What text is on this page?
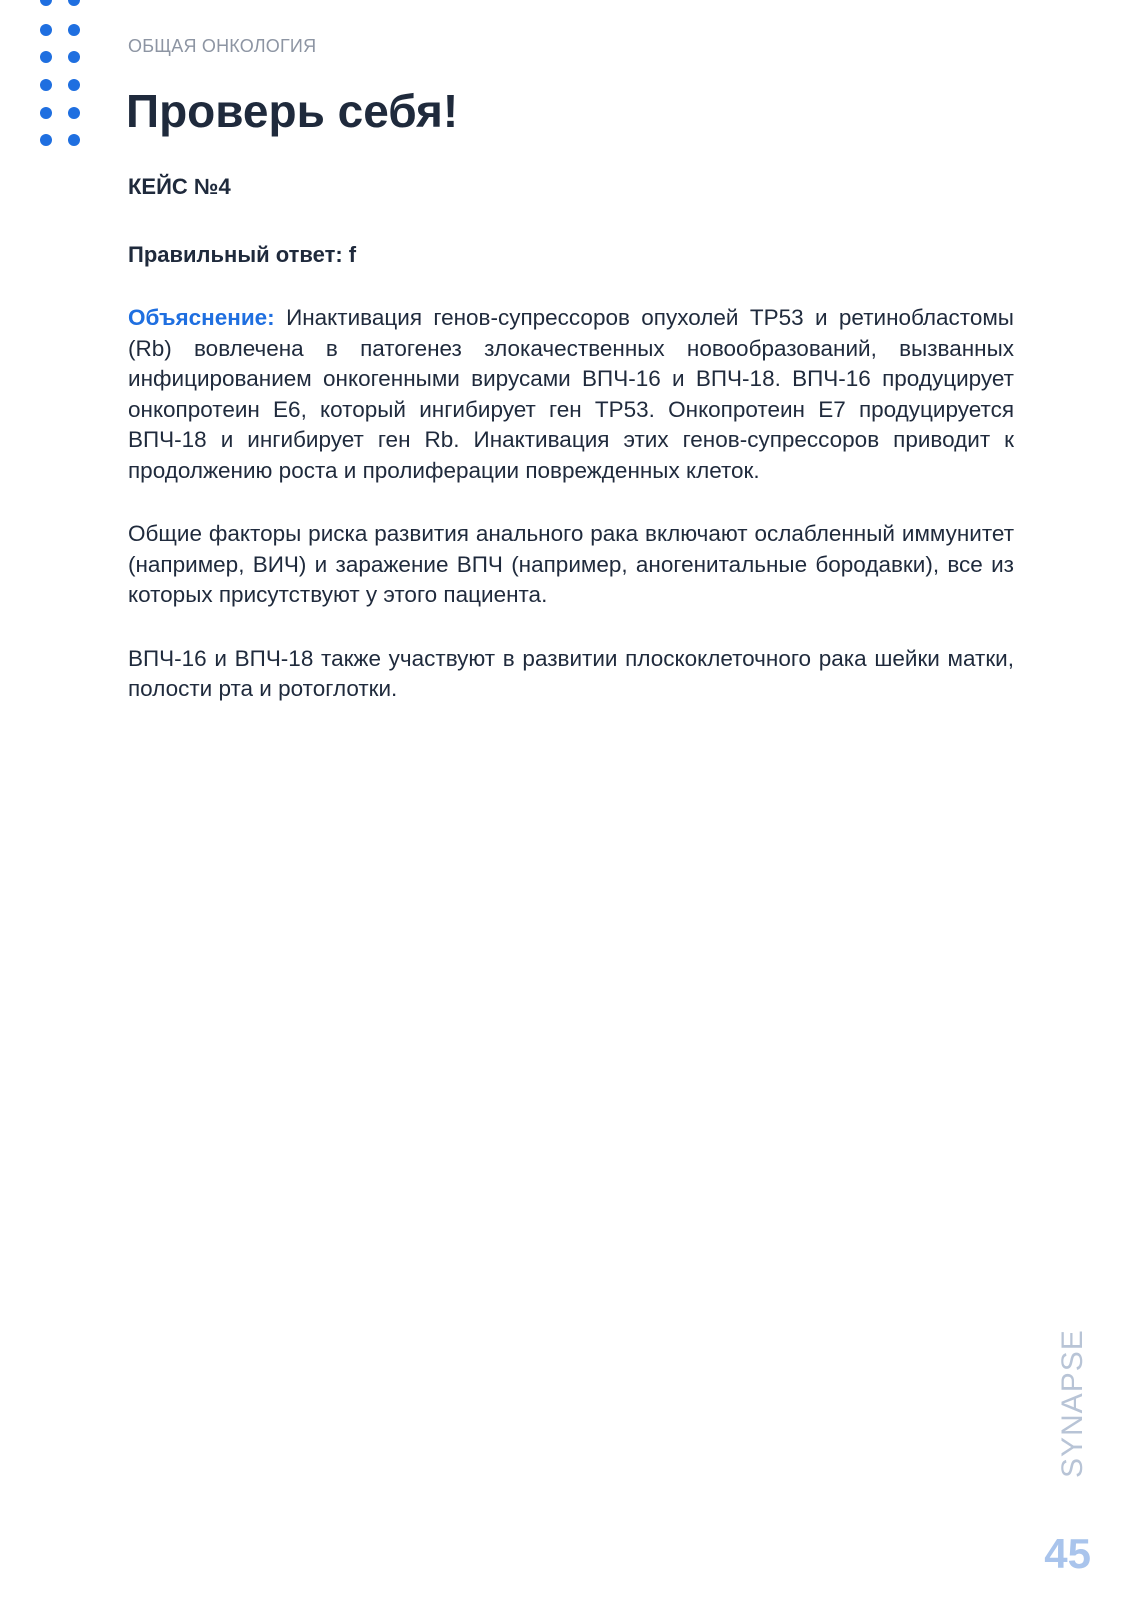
ОБЩАЯ ОНКОЛОГИЯ
Проверь себя!

КЕЙС №4

Правильный ответ: f

Объяснение: Инактивация генов-супрессоров опухолей TP53 и ретинобластомы (Rb) вовлечена в патогенез злокачественных новообразований, вызванных инфицированием онкогенными вирусами ВПЧ-16 и ВПЧ-18. ВПЧ-16 продуцирует онкопротеин E6, который ингибирует ген TP53. Онкопротеин E7 продуцируется ВПЧ-18 и ингибирует ген Rb. Инактивация этих генов-супрессоров приводит к продолжению роста и пролиферации поврежденных клеток.

Общие факторы риска развития анального рака включают ослабленный иммунитет (например, ВИЧ) и заражение ВПЧ (например, аногенитальные бородавки), все из которых присутствуют у этого пациента.

ВПЧ-16 и ВПЧ-18 также участвуют в развитии плоскоклеточного рака шейки матки, полости рта и ротоглотки.

SYNAPSE
45
